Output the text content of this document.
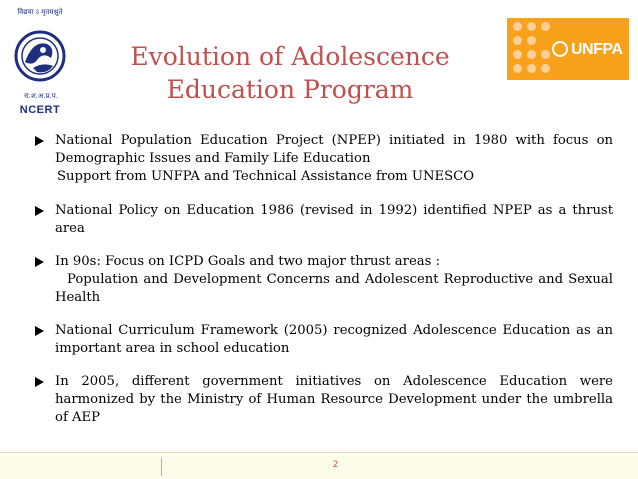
विद्यया ऽ मृतमश्नुते
रा.श.अ.प्र.प.
NCERT
Evolution of Adolescence Education Program
UNFPA
National Population Education Project (NPEP) initiated in 1980 with focus on Demographic Issues and Family Life Education
Support from UNFPA and Technical Assistance from UNESCO
National Policy on Education 1986 (revised in 1992) identified NPEP as a thrust area
In 90s: Focus on ICPD Goals and two major thrust areas :
Population and Development Concerns and Adolescent Reproductive and Sexual Health
National Curriculum Framework (2005) recognized Adolescence Education as an important area in school education
In 2005, different government initiatives on Adolescence Education were harmonized by the Ministry of Human Resource Development under the umbrella of AEP
2
